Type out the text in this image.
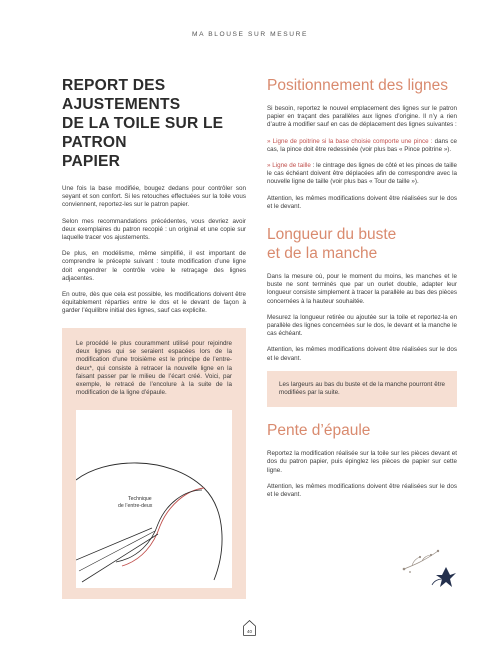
MA BLOUSE SUR MESURE
REPORT DES AJUSTEMENTS
DE LA TOILE SUR LE PATRON
PAPIER

Une fois la base modifiée, bougez dedans pour contrôler son seyant et son confort. Si les retouches effectuées sur la toile vous conviennent, reportez-les sur le patron papier.

Selon mes recommandations précédentes, vous devriez avoir deux exemplaires du patron recopié : un original et une copie sur laquelle tracer vos ajustements.

De plus, en modélisme, même simplifié, il est important de comprendre le précepte suivant : toute modification d’une ligne doit engendrer le contrôle voire le retraçage des lignes adjacentes.

En outre, dès que cela est possible, les modifications doivent être équitablement réparties entre le dos et le devant de façon à garder l’équilibre initial des lignes, sauf cas explicite.

Le procédé le plus couramment utilisé pour rejoindre deux lignes qui se seraient espacées lors de la modification d’une troisième est le principe de l’entre-deux*, qui consiste à retracer la nouvelle ligne en la faisant passer par le milieu de l’écart créé. Voici, par exemple, le retracé de l’encolure à la suite de la modification de la ligne d’épaule.

Technique
de l’entre-deux
Positionnement des lignes

Si besoin, reportez le nouvel emplacement des lignes sur le patron papier en traçant des parallèles aux lignes d’origine. Il n’y a rien d’autre à modifier sauf en cas de déplacement des lignes suivantes :

» Ligne de poitrine si la base choisie comporte une pince : dans ce cas, la pince doit être redessinée (voir plus bas « Pince poitrine »).

» Ligne de taille : le cintrage des lignes de côté et les pinces de taille le cas échéant doivent être déplacées afin de correspondre avec la nouvelle ligne de taille (voir plus bas « Tour de taille »).

Attention, les mêmes modifications doivent être réalisées sur le dos et le devant.

Longueur du buste
et de la manche

Dans la mesure où, pour le moment du moins, les manches et le buste ne sont terminés que par un ourlet double, adapter leur longueur consiste simplement à tracer la parallèle au bas des pièces concernées à la hauteur souhaitée.

Mesurez la longueur retirée ou ajoutée sur la toile et reportez-la en parallèle des lignes concernées sur le dos, le devant et la manche le cas échéant.

Attention, les mêmes modifications doivent être réalisées sur le dos et le devant.

Les largeurs au bas du buste et de la manche pourront être modifiées par la suite.

Pente d’épaule

Reportez la modification réalisée sur la toile sur les pièces devant et dos du patron papier, puis épinglez les pièces de papier sur cette ligne.

Attention, les mêmes modifications doivent être réalisées sur le dos et le devant.

40
